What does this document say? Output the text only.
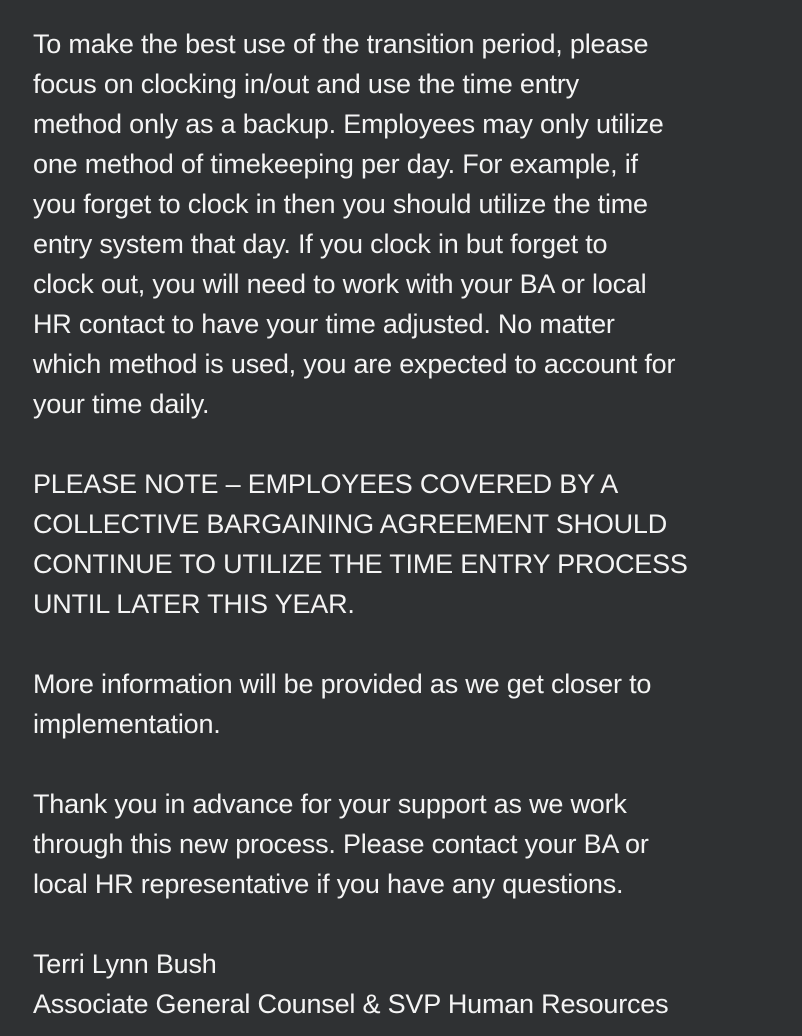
To make the best use of the transition period, please
focus on clocking in/out and use the time entry
method only as a backup. Employees may only utilize
one method of timekeeping per day. For example, if
you forget to clock in then you should utilize the time
entry system that day. If you clock in but forget to
clock out, you will need to work with your BA or local
HR contact to have your time adjusted. No matter
which method is used, you are expected to account for
your time daily.

PLEASE NOTE – EMPLOYEES COVERED BY A
COLLECTIVE BARGAINING AGREEMENT SHOULD
CONTINUE TO UTILIZE THE TIME ENTRY PROCESS
UNTIL LATER THIS YEAR.

More information will be provided as we get closer to
implementation.

Thank you in advance for your support as we work
through this new process. Please contact your BA or
local HR representative if you have any questions.

Terri Lynn Bush
Associate General Counsel & SVP Human Resources
